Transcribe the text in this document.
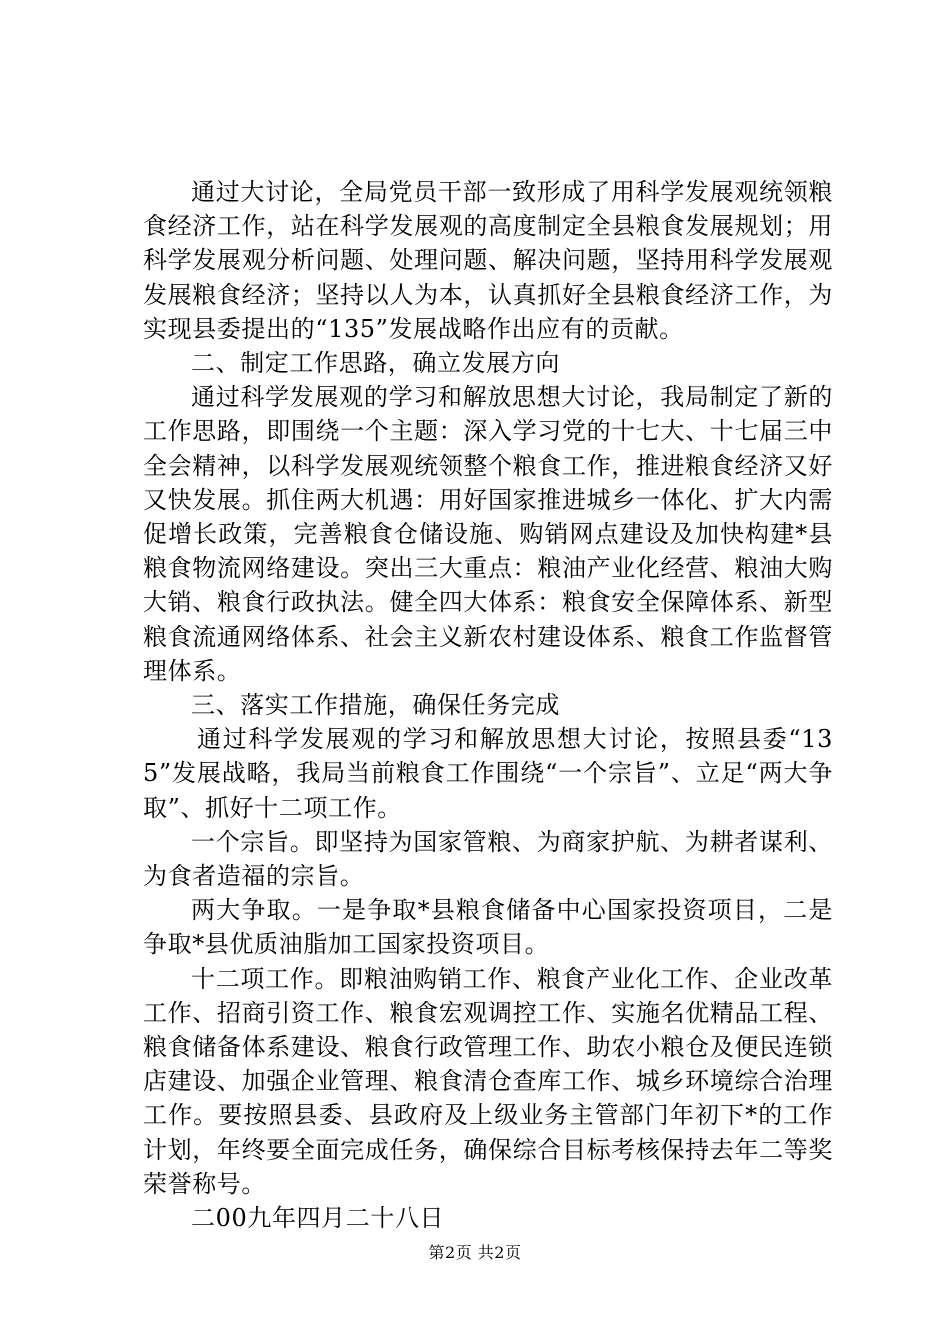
通过大讨论，全局党员干部一致形成了用科学发展观统领粮食经济工作，站在科学发展观的高度制定全县粮食发展规划；用科学发展观分析问题、处理问题、解决问题，坚持用科学发展观发展粮食经济；坚持以人为本，认真抓好全县粮食经济工作，为实现县委提出的“135”发展战略作出应有的贡献。

二、制定工作思路，确立发展方向

通过科学发展观的学习和解放思想大讨论，我局制定了新的工作思路，即围绕一个主题：深入学习党的十七大、十七届三中全会精神，以科学发展观统领整个粮食工作，推进粮食经济又好又快发展。抓住两大机遇：用好国家推进城乡一体化、扩大内需促增长政策，完善粮食仓储设施、购销网点建设及加快构建*县粮食物流网络建设。突出三大重点：粮油产业化经营、粮油大购大销、粮食行政执法。健全四大体系：粮食安全保障体系、新型粮食流通网络体系、社会主义新农村建设体系、粮食工作监督管理体系。

三、落实工作措施，确保任务完成

通过科学发展观的学习和解放思想大讨论，按照县委“135”发展战略，我局当前粮食工作围绕“一个宗旨”、立足“两大争取”、抓好十二项工作。

一个宗旨。即坚持为国家管粮、为商家护航、为耕者谋利、为食者造福的宗旨。

两大争取。一是争取*县粮食储备中心国家投资项目，二是争取*县优质油脂加工国家投资项目。

十二项工作。即粮油购销工作、粮食产业化工作、企业改革工作、招商引资工作、粮食宏观调控工作、实施名优精品工程、粮食储备体系建设、粮食行政管理工作、助农小粮仓及便民连锁店建设、加强企业管理、粮食清仓查库工作、城乡环境综合治理工作。要按照县委、县政府及上级业务主管部门年初下*的工作计划，年终要全面完成任务，确保综合目标考核保持去年二等奖荣誉称号。

二00九年四月二十八日

第2页 共2页
